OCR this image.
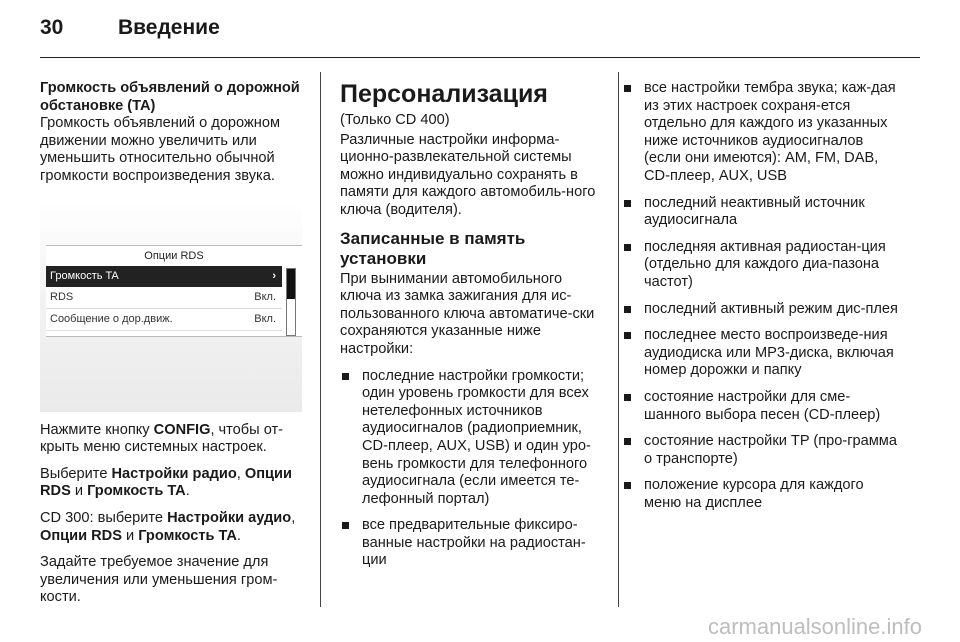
30	Введение
Громкость объявлений о дорожной обстановке (TA)

Громкость объявлений о дорожном движении можно увеличить или уменьшить относительно обычной громкости воспроизведения звука.

Опции RDS
Громкость TA	›
RDS	Вкл.
Сообщение о дор.движ.	Вкл.

Нажмите кнопку CONFIG, чтобы от-крыть меню системных настроек.

Выберите Настройки радио, Опции RDS и Громкость TA.

CD 300: выберите Настройки аудио, Опции RDS и Громкость TA.

Задайте требуемое значение для увеличения или уменьшения гром-кости.

Персонализация

(Только CD 400)

Различные настройки информа-ционно-развлекательной системы можно индивидуально сохранять в памяти для каждого автомобиль-ного ключа (водителя).

Записанные в память установки

При вынимании автомобильного ключа из замка зажигания для ис-пользованного ключа автоматиче-ски сохраняются указанные ниже настройки:

последние настройки громкости; один уровень громкости для всех нетелефонных источников аудиосигналов (радиоприемник, CD-плеер, AUX, USB) и один уро-вень громкости для телефонного аудиосигнала (если имеется те-лефонный портал)
все предварительные фиксиро-ванные настройки на радиостан-ции
все настройки тембра звука; каж-дая из этих настроек сохраня-ется отдельно для каждого из указанных ниже источников аудиосигналов (если они имеются): AM, FM, DAB, CD-плеер, AUX, USB
последний неактивный источник аудиосигнала
последняя активная радиостан-ция (отдельно для каждого диа-пазона частот)
последний активный режим дис-плея
последнее место воспроизведе-ния аудиодиска или MP3-диска, включая номер дорожки и папку
состояние настройки для сме-шанного выбора песен (CD-плеер)
состояние настройки TP (про-грамма о транспорте)
положение курсора для каждого меню на дисплее
carmanualsonline.info
